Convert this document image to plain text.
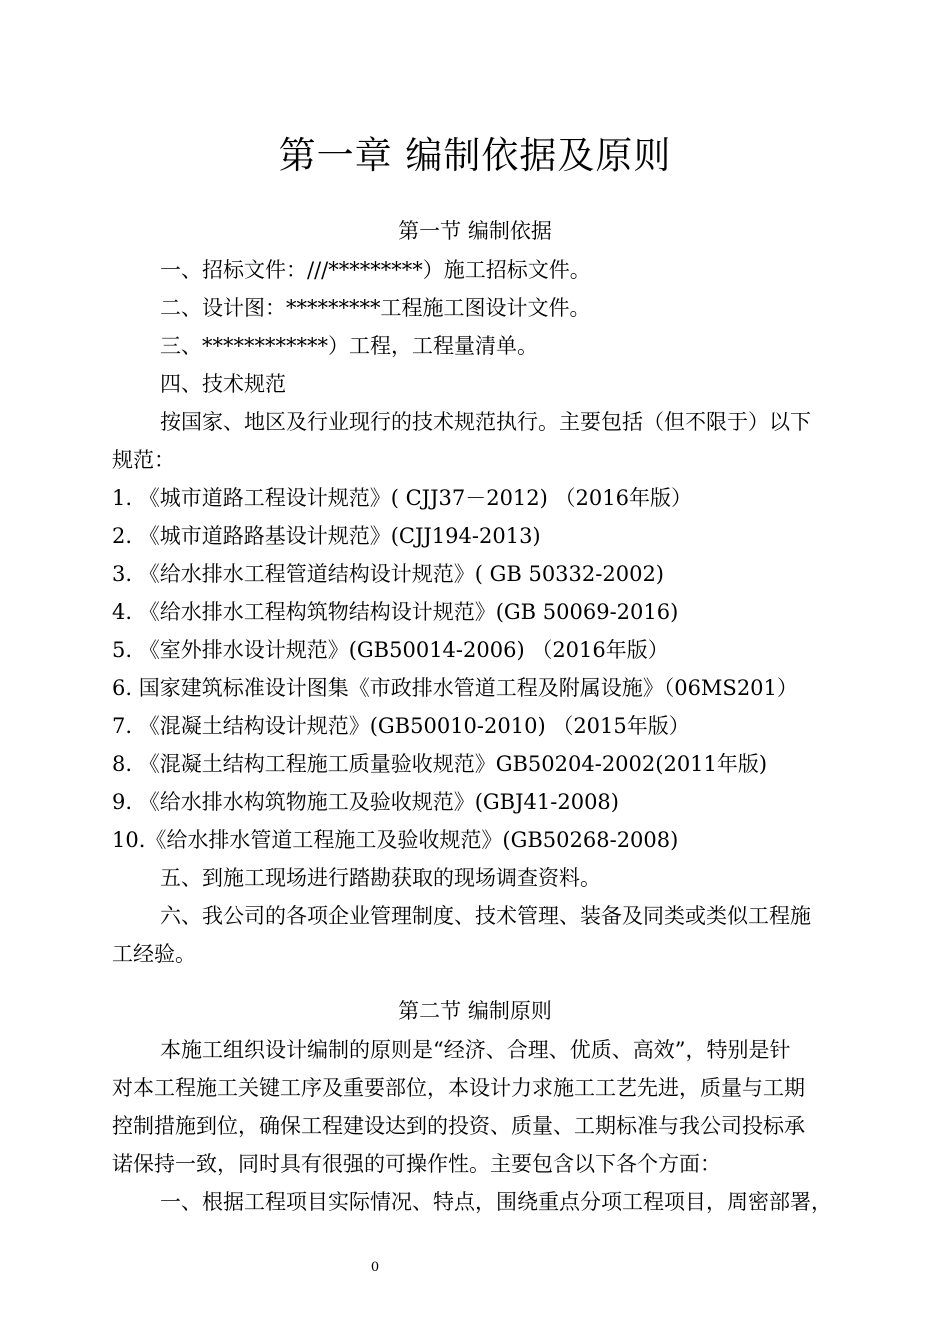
第一章 编制依据及原则
第一节 编制依据
一、招标文件：///*********）施工招标文件。
二、设计图：*********工程施工图设计文件。
三、************）工程，工程量清单。
四、技术规范
按国家、地区及行业现行的技术规范执行。主要包括（但不限于）以下
规范：
1. 《城市道路工程设计规范》( CJJ37－2012) （2016年版）
2. 《城市道路路基设计规范》(CJJ194-2013)
3. 《给水排水工程管道结构设计规范》( GB 50332-2002)
4. 《给水排水工程构筑物结构设计规范》(GB 50069-2016)
5. 《室外排水设计规范》(GB50014-2006) （2016年版）
6. 国家建筑标准设计图集《市政排水管道工程及附属设施》（06MS201）
7. 《混凝土结构设计规范》(GB50010-2010) （2015年版）
8. 《混凝土结构工程施工质量验收规范》GB50204-2002(2011年版)
9. 《给水排水构筑物施工及验收规范》(GBJ41-2008)
10.《给水排水管道工程施工及验收规范》(GB50268-2008)
五、到施工现场进行踏勘获取的现场调查资料。
六、我公司的各项企业管理制度、技术管理、装备及同类或类似工程施
工经验。
第二节 编制原则
本施工组织设计编制的原则是“经济、合理、优质、高效”，特别是针
对本工程施工关键工序及重要部位，本设计力求施工工艺先进，质量与工期
控制措施到位，确保工程建设达到的投资、质量、工期标准与我公司投标承
诺保持一致，同时具有很强的可操作性。主要包含以下各个方面：
一、根据工程项目实际情况、特点，围绕重点分项工程项目，周密部署，
0
